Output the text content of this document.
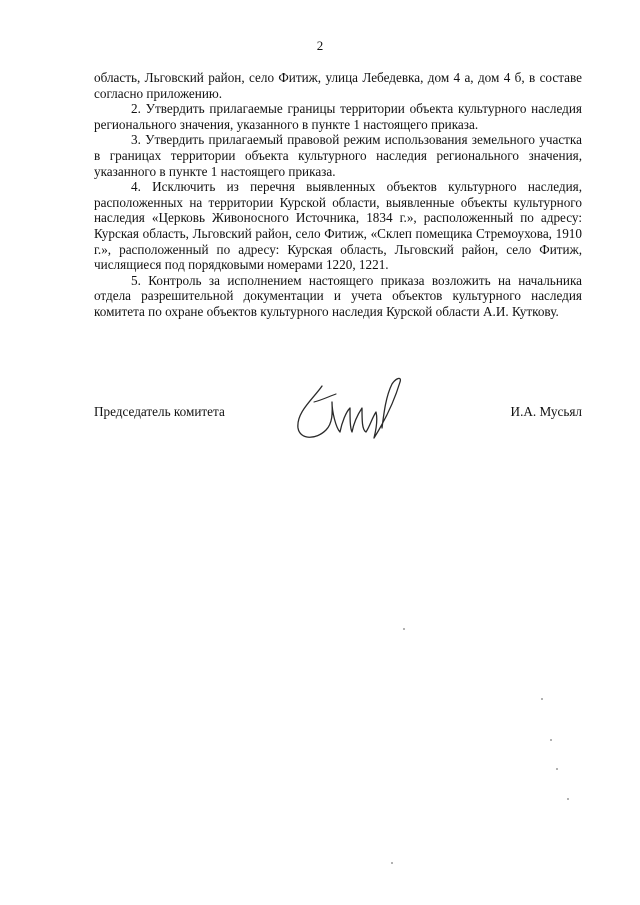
2

область, Льговский район, село Фитиж, улица Лебедевка, дом 4 а, дом 4 б, в составе согласно приложению.

2. Утвердить прилагаемые границы территории объекта культурного наследия регионального значения, указанного в пункте 1 настоящего приказа.

3. Утвердить прилагаемый правовой режим использования земельного участка в границах территории объекта культурного наследия регионального значения, указанного в пункте 1 настоящего приказа.

4. Исключить из перечня выявленных объектов культурного наследия, расположенных на территории Курской области, выявленные объекты культурного наследия «Церковь Живоносного Источника, 1834 г.», расположенный по адресу: Курская область, Льговский район, село Фитиж, «Склеп помещика Стремоухова, 1910 г.», расположенный по адресу: Курская область, Льговский район, село Фитиж, числящиеся под порядковыми номерами 1220, 1221.

5. Контроль за исполнением настоящего приказа возложить на начальника отдела разрешительной документации и учета объектов культурного наследия комитета по охране объектов культурного наследия Курской области А.И. Куткову.

Председатель комитета	И.А. Мусьял
